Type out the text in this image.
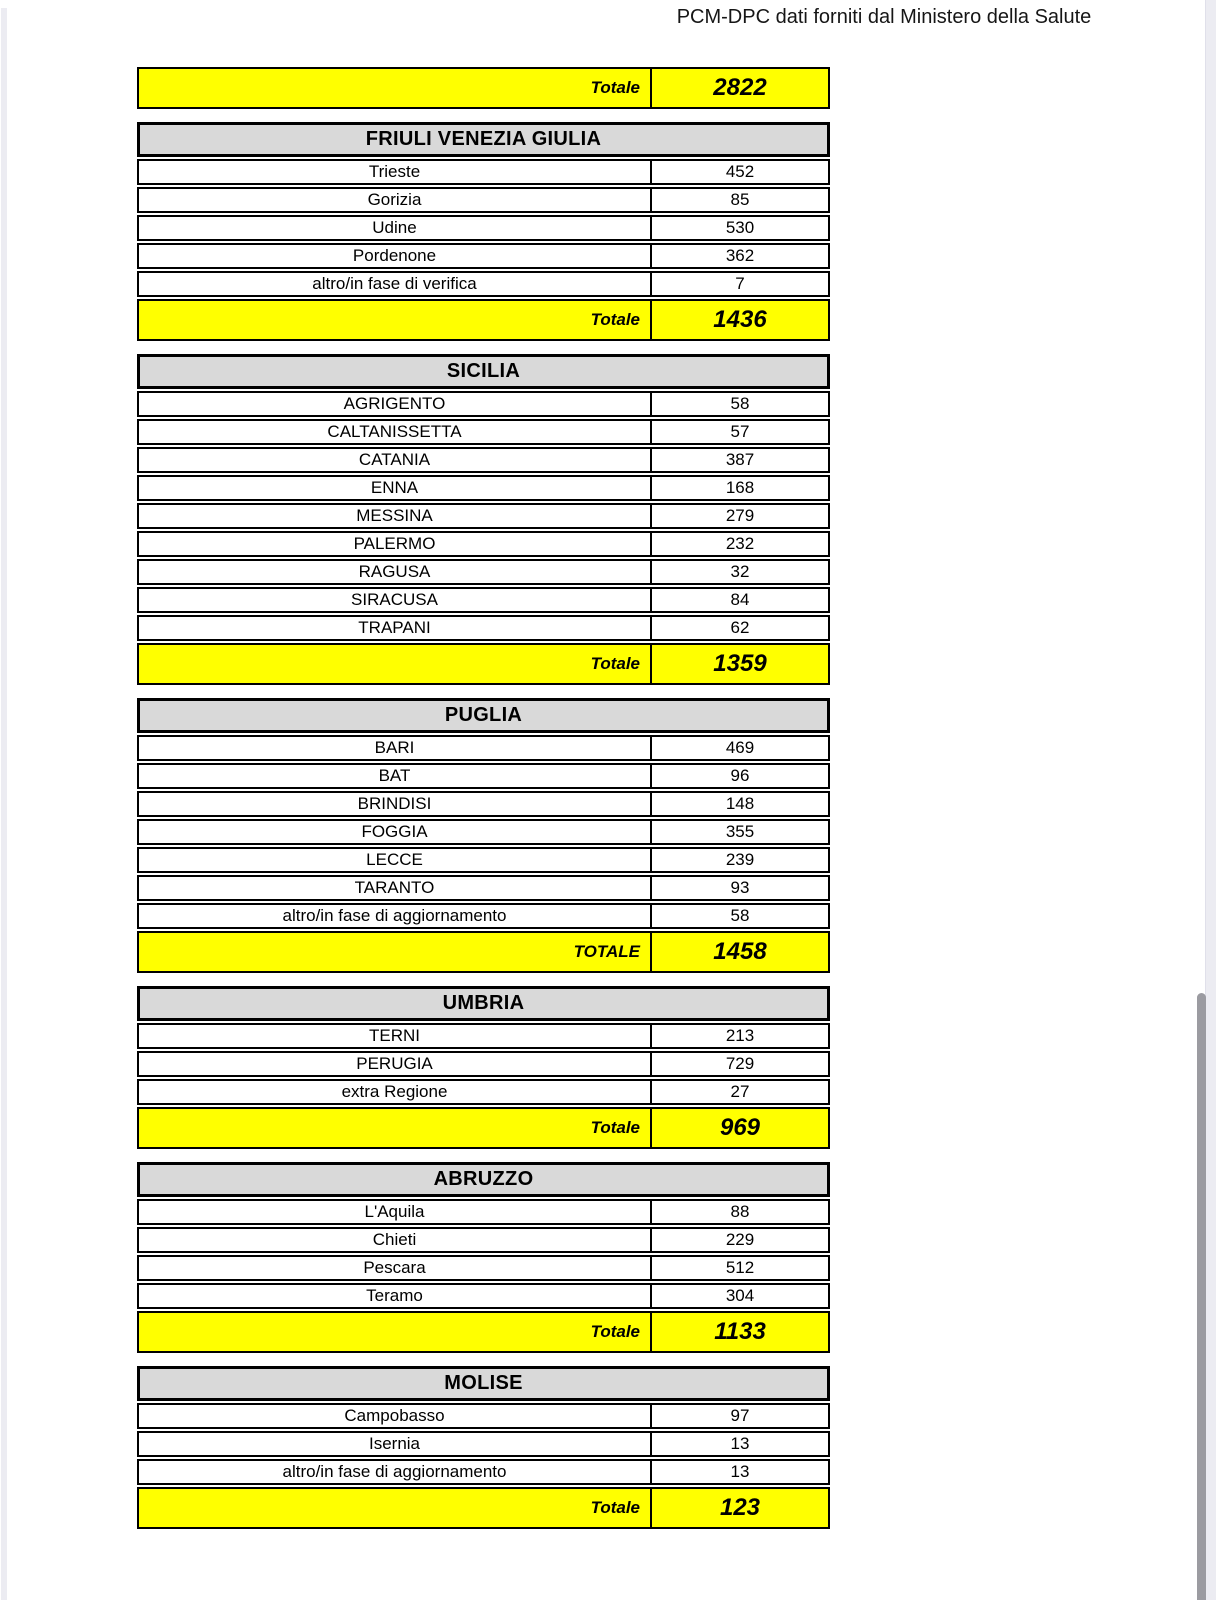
PCM-DPC dati forniti dal Ministero della Salute
Totale	2822
FRIULI VENEZIA GIULIA
Trieste	452
Gorizia	85
Udine	530
Pordenone	362
altro/in fase di verifica	7
Totale	1436
SICILIA
AGRIGENTO	58
CALTANISSETTA	57
CATANIA	387
ENNA	168
MESSINA	279
PALERMO	232
RAGUSA	32
SIRACUSA	84
TRAPANI	62
Totale	1359
PUGLIA
BARI	469
BAT	96
BRINDISI	148
FOGGIA	355
LECCE	239
TARANTO	93
altro/in fase di aggiornamento	58
TOTALE	1458
UMBRIA
TERNI	213
PERUGIA	729
extra Regione	27
Totale	969
ABRUZZO
L'Aquila	88
Chieti	229
Pescara	512
Teramo	304
Totale	1133
MOLISE
Campobasso	97
Isernia	13
altro/in fase di aggiornamento	13
Totale	123
